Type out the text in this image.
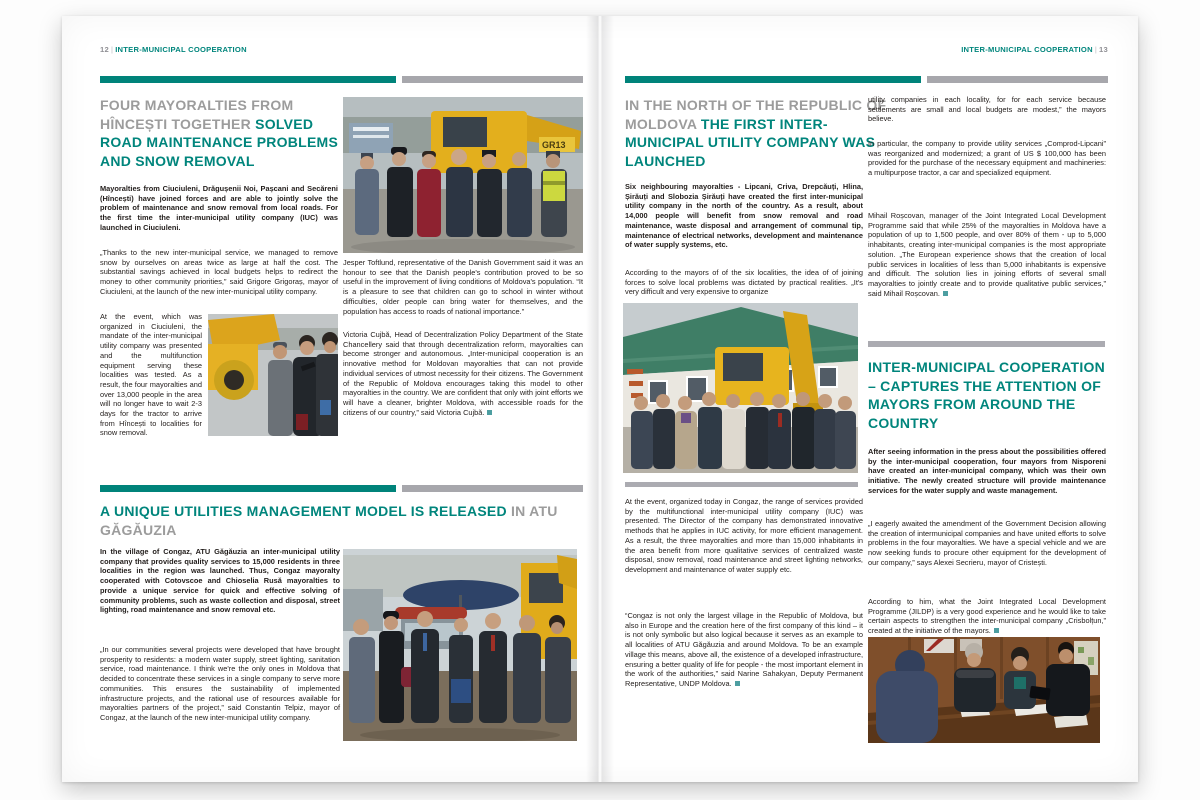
12 | INTER-MUNICIPAL COOPERATION
FOUR MAYORALTIES FROM HÎNCEȘTI TOGETHER SOLVED ROAD MAINTENANCE PROBLEMS AND SNOW REMOVAL
Mayoralties from Ciuciuleni, Drăgușenii Noi, Pașcani and Secăreni (Hîncești) have joined forces and are able to jointly solve the problem of maintenance and snow removal from local roads. For the first time the inter-municipal utility company (IUC) was launched in Ciuciuleni.
„Thanks to the new inter-municipal service, we managed to remove snow by ourselves on areas twice as large at half the cost. The substantial savings achieved in local budgets helps to redirect the money to other community priorities,” said Grigore Grigoraș, mayor of Ciuciuleni, at the launch of the new inter-municipal utility company.
At the event, which was organized in Ciuciuleni, the mandate of the inter-municipal utility company was presented and the multifunction equipment serving these localities was tested. As a result, the four mayoralties and over 13,000 people in the area will no longer have to wait 2-3 days for the tractor to arrive from Hîncești to localities for snow removal.
GR13
Jesper Toftlund, representative of the Danish Government said it was an honour to see that the Danish people's contribution proved to be so useful in the improvement of living conditions of Moldova's population. “It is a pleasure to see that children can go to school in winter without difficulties, older people can bring water for themselves, and the population has access to roads of national importance.”
Victoria Cujbă, Head of Decentralization Policy Department of the State Chancellery said that through decentralization reform, mayoralties can become stronger and autonomous. „Inter-municipal cooperation is an innovative method for Moldovan mayoralties that can not provide individual services of utmost necessity for their citizens. The Government of the Republic of Moldova encourages taking this model to other mayoralties in the country. We are confident that only with joint efforts we will have a cleaner, brighter Moldova, with accessible roads for the citizens of our country,” said Victoria Cujbă.
A UNIQUE UTILITIES MANAGEMENT MODEL IS RELEASED IN ATU GĂGĂUZIA
In the village of Congaz, ATU Găgăuzia an inter-municipal utility company that provides quality services to 15,000 residents in three localities in the region was launched. Thus, Congaz mayoralty cooperated with Cotovscoe and Chioselia Rusă mayoralties to provide a unique service for quick and effective solving of community problems, such as waste collection and disposal, street lighting, road maintenance and snow removal etc.
„In our communities several projects were developed that have brought prosperity to residents: a modern water supply, street lighting, sanitation service, road maintenance. I think we're the only ones in Moldova that decided to concentrate these services in a single company to serve more communities. This ensures the sustainability of implemented infrastructure projects, and the rational use of resources available for mayoralties partners of the project,” said Constantin Telpiz, mayor of Congaz, at the launch of the new inter-municipal utility company.
INTER-MUNICIPAL COOPERATION | 13
IN THE NORTH OF THE REPUBLIC OF MOLDOVA THE FIRST INTER-MUNICIPAL UTILITY COMPANY WAS LAUNCHED
Six neighbouring mayoralties - Lipcani, Criva, Drepcăuți, Hlina, Șirăuți and Slobozia Șirăuți have created the first inter-municipal utility company in the north of the country. As a result, about 14,000 people will benefit from snow removal and road maintenance, waste disposal and arrangement of communal tip, maintenance of electrical networks, development and maintenance of water supply systems, etc.
According to the mayors of of the six localities, the idea of of joining forces to solve local problems was dictated by practical realities. „It's very difficult and very expensive to organize
At the event, organized today in Congaz, the range of services provided by the multifunctional inter-municipal utility company (IUC) was presented. The Director of the company has demonstrated innovative methods that he applies in IUC activity, for more efficient management. As a result, the three mayoralties and more than 15,000 inhabitants in the area benefit from more qualitative services of centralized waste disposal, snow removal, road maintenance and street lighting networks, development and maintenance of water supply etc.
“Congaz is not only the largest village in the Republic of Moldova, but also in Europe and the creation here of the first company of this kind – it is not only symbolic but also logical because it serves as an example to all localities of ATU Găgăuzia and around Moldova. To be an example village this means, above all, the existence of a developed infrastructure, ensuring a better quality of life for people - the most important element in the work of the authorities,” said Narine Sahakyan, Deputy Permanent Representative, UNDP Moldova.
utility companies in each locality, for for each service because settlements are small and local budgets are modest,” the mayors believe.
In particular, the company to provide utility services „Comprod-Lipcani” was reorganized and modernized; a grant of US $ 100,000 has been provided for the purchase of the necessary equipment and machineries: a multipurpose tractor, a car and specialized equipment.
Mihail Roșcovan, manager of the Joint Integrated Local Development Programme said that while 25% of the mayoralties in Moldova have a population of up to 1,500 people, and over 80% of them - up to 5,000 inhabitants, creating inter-municipal companies is the most appropriate solution. „The European experience shows that the creation of local public services in localities of less than 5,000 inhabitants is expensive and difficult. The solution lies in joining efforts of several small mayoralties to jointly create and to provide qualitative public services,” said Mihail Roșcovan.
INTER-MUNICIPAL COOPERATION – CAPTURES THE ATTENTION OF MAYORS FROM AROUND THE COUNTRY
After seeing information in the press about the possibilities offered by the inter-municipal cooperation, four mayors from Nisporeni have created an inter-municipal company, which was their own initiative. The newly created structure will provide maintenance services for the water supply and waste management.
„I eagerly awaited the amendment of the Government Decision allowing the creation of intermunicipal companies and have united efforts to solve problems in the four mayoralties. We have a special vehicle and we are now seeking funds to procure other equipment for the development of our company,” says Alexei Secrieru, mayor of Cristești.
According to him, what the Joint Integrated Local Development Programme (JILDP) is a very good experience and he would like to take certain aspects to strengthen the inter-municipal company „Crisbolțun,” created at the initiative of the mayors.
